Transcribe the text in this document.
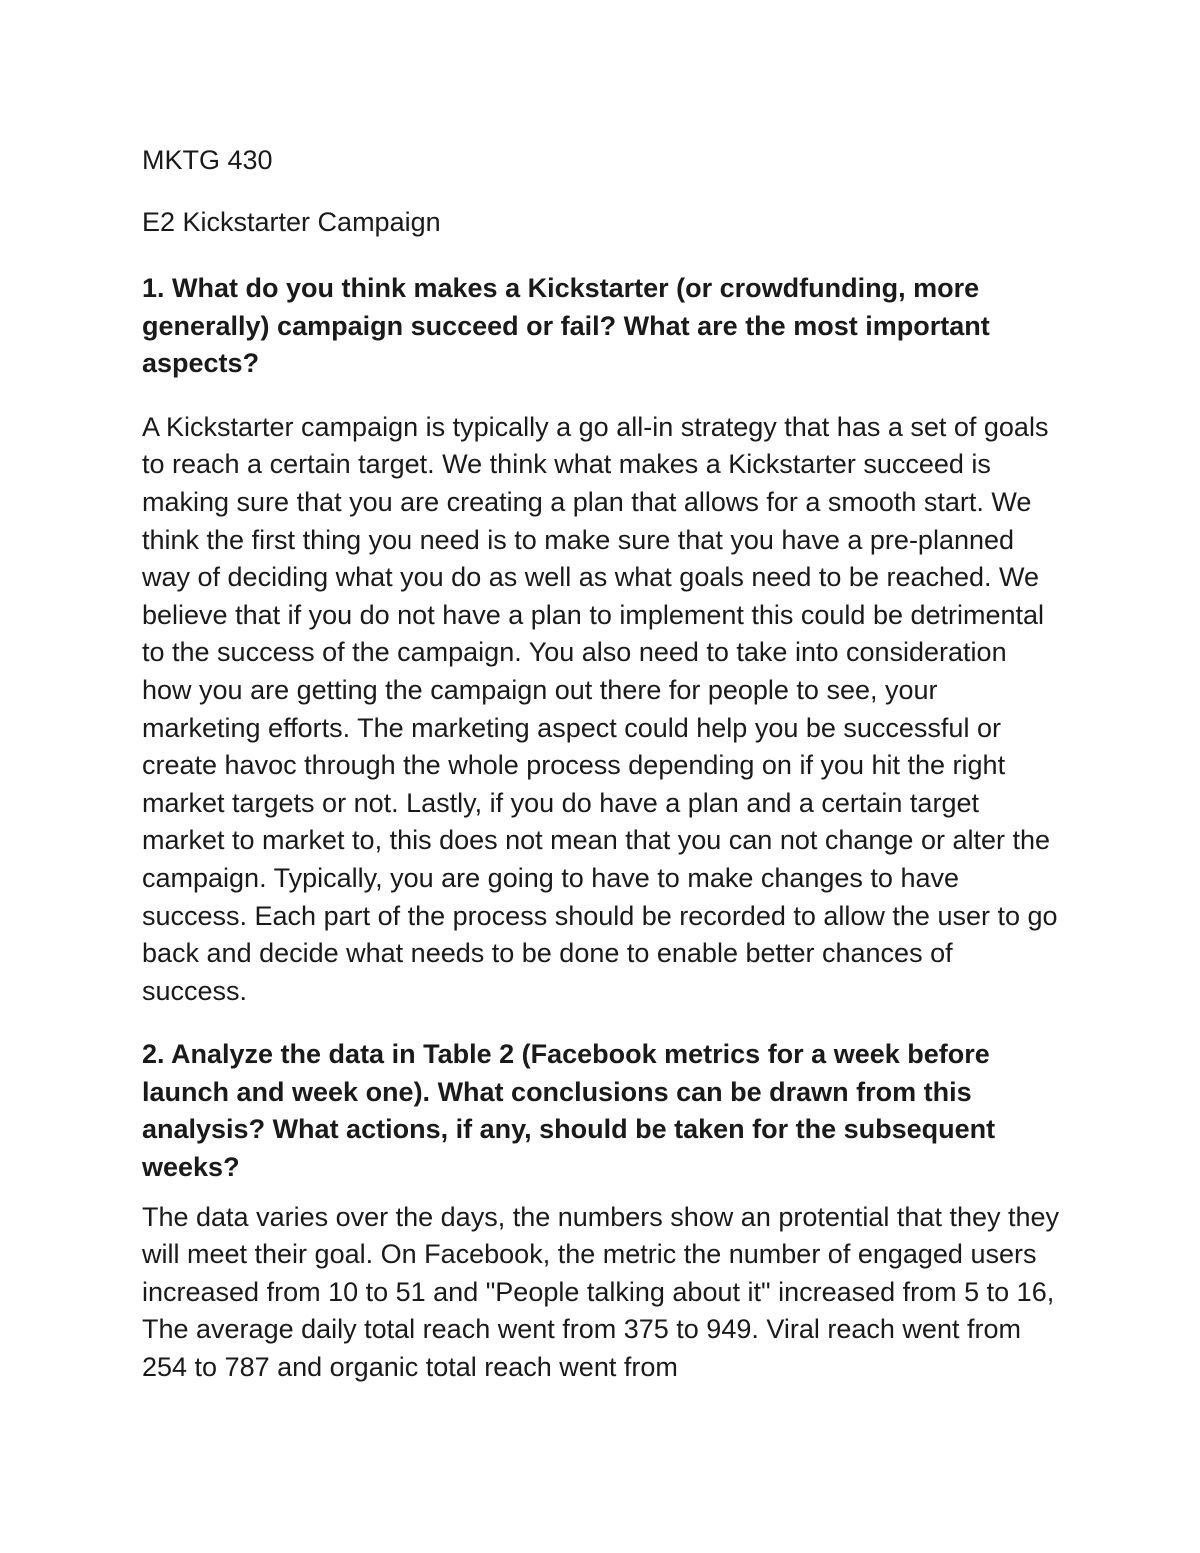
MKTG 430

E2 Kickstarter Campaign

1. What do you think makes a Kickstarter (or crowdfunding, more generally) campaign succeed or fail? What are the most important aspects?

A Kickstarter campaign is typically a go all-in strategy that has a set of goals to reach a certain target. We think what makes a Kickstarter succeed is making sure that you are creating a plan that allows for a smooth start. We think the first thing you need is to make sure that you have a pre-planned way of deciding what you do as well as what goals need to be reached. We believe that if you do not have a plan to implement this could be detrimental to the success of the campaign. You also need to take into consideration how you are getting the campaign out there for people to see, your marketing efforts. The marketing aspect could help you be successful or create havoc through the whole process depending on if you hit the right market targets or not. Lastly, if you do have a plan and a certain target market to market to, this does not mean that you can not change or alter the campaign. Typically, you are going to have to make changes to have success. Each part of the process should be recorded to allow the user to go back and decide what needs to be done to enable better chances of success.

2. Analyze the data in Table 2 (Facebook metrics for a week before launch and week one). What conclusions can be drawn from this analysis? What actions, if any, should be taken for the subsequent weeks?

The data varies over the days, the numbers show an protential that they they will meet their goal. On Facebook, the metric the number of engaged users increased from 10 to 51 and "People talking about it" increased from 5 to 16, The average daily total reach went from 375 to 949. Viral reach went from 254 to 787 and organic total reach went from
